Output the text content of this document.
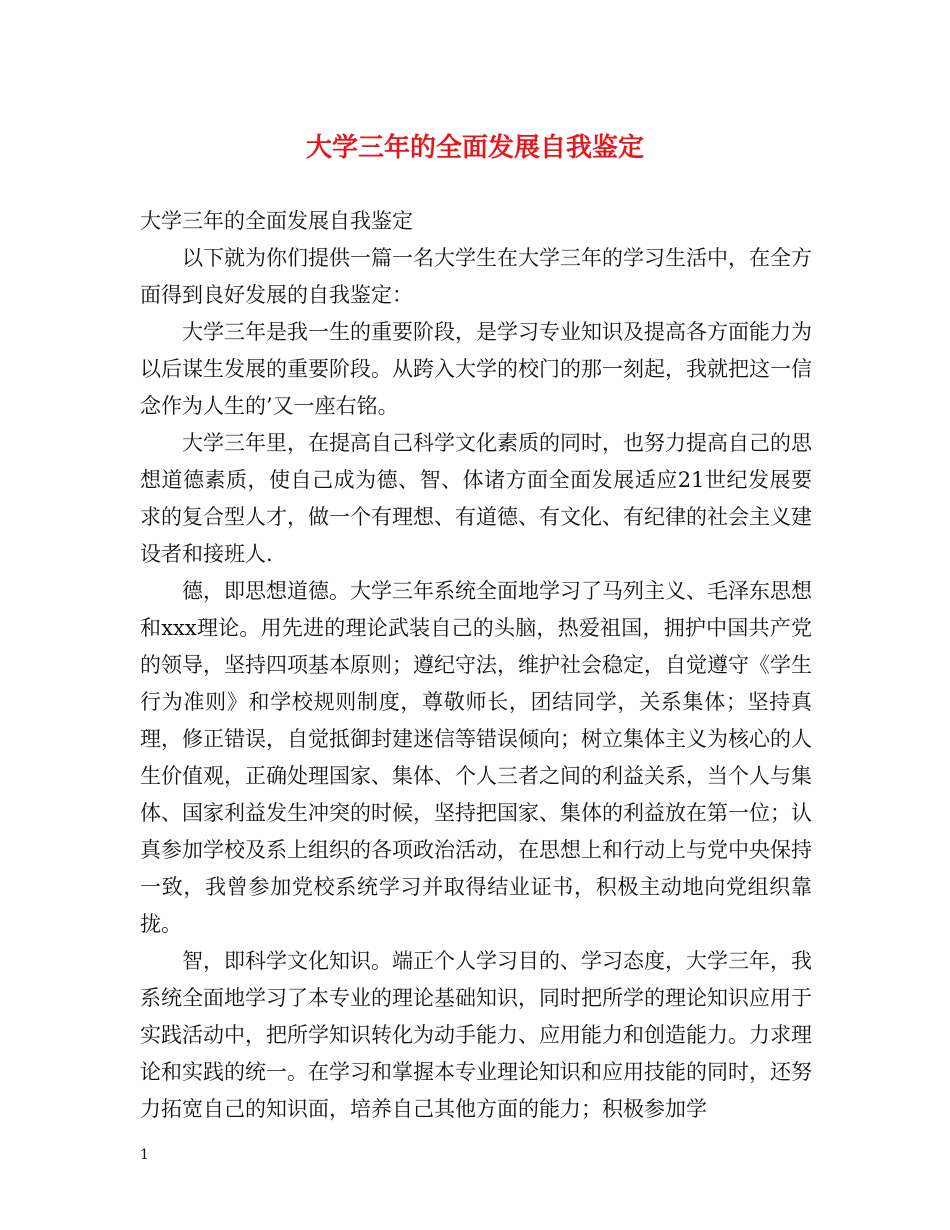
大学三年的全面发展自我鉴定

大学三年的全面发展自我鉴定

以下就为你们提供一篇一名大学生在大学三年的学习生活中，在全方面得到良好发展的自我鉴定：

大学三年是我一生的重要阶段，是学习专业知识及提高各方面能力为以后谋生发展的重要阶段。从跨入大学的校门的那一刻起，我就把这一信念作为人生的’又一座右铭。

大学三年里，在提高自己科学文化素质的同时，也努力提高自己的思想道德素质，使自己成为德、智、体诸方面全面发展适应21世纪发展要求的复合型人才，做一个有理想、有道德、有文化、有纪律的社会主义建设者和接班人.

德，即思想道德。大学三年系统全面地学习了马列主义、毛泽东思想和xxx理论。用先进的理论武装自己的头脑，热爱祖国，拥护中国共产党的领导，坚持四项基本原则；遵纪守法，维护社会稳定，自觉遵守《学生行为准则》和学校规则制度，尊敬师长，团结同学，关系集体；坚持真理，修正错误，自觉抵御封建迷信等错误倾向；树立集体主义为核心的人生价值观，正确处理国家、集体、个人三者之间的利益关系，当个人与集体、国家利益发生冲突的时候，坚持把国家、集体的利益放在第一位；认真参加学校及系上组织的各项政治活动，在思想上和行动上与党中央保持一致，我曾参加党校系统学习并取得结业证书，积极主动地向党组织靠拢。

智，即科学文化知识。端正个人学习目的、学习态度，大学三年，我系统全面地学习了本专业的理论基础知识，同时把所学的理论知识应用于实践活动中，把所学知识转化为动手能力、应用能力和创造能力。力求理论和实践的统一。在学习和掌握本专业理论知识和应用技能的同时，还努力拓宽自己的知识面，培养自己其他方面的能力；积极参加学

1
